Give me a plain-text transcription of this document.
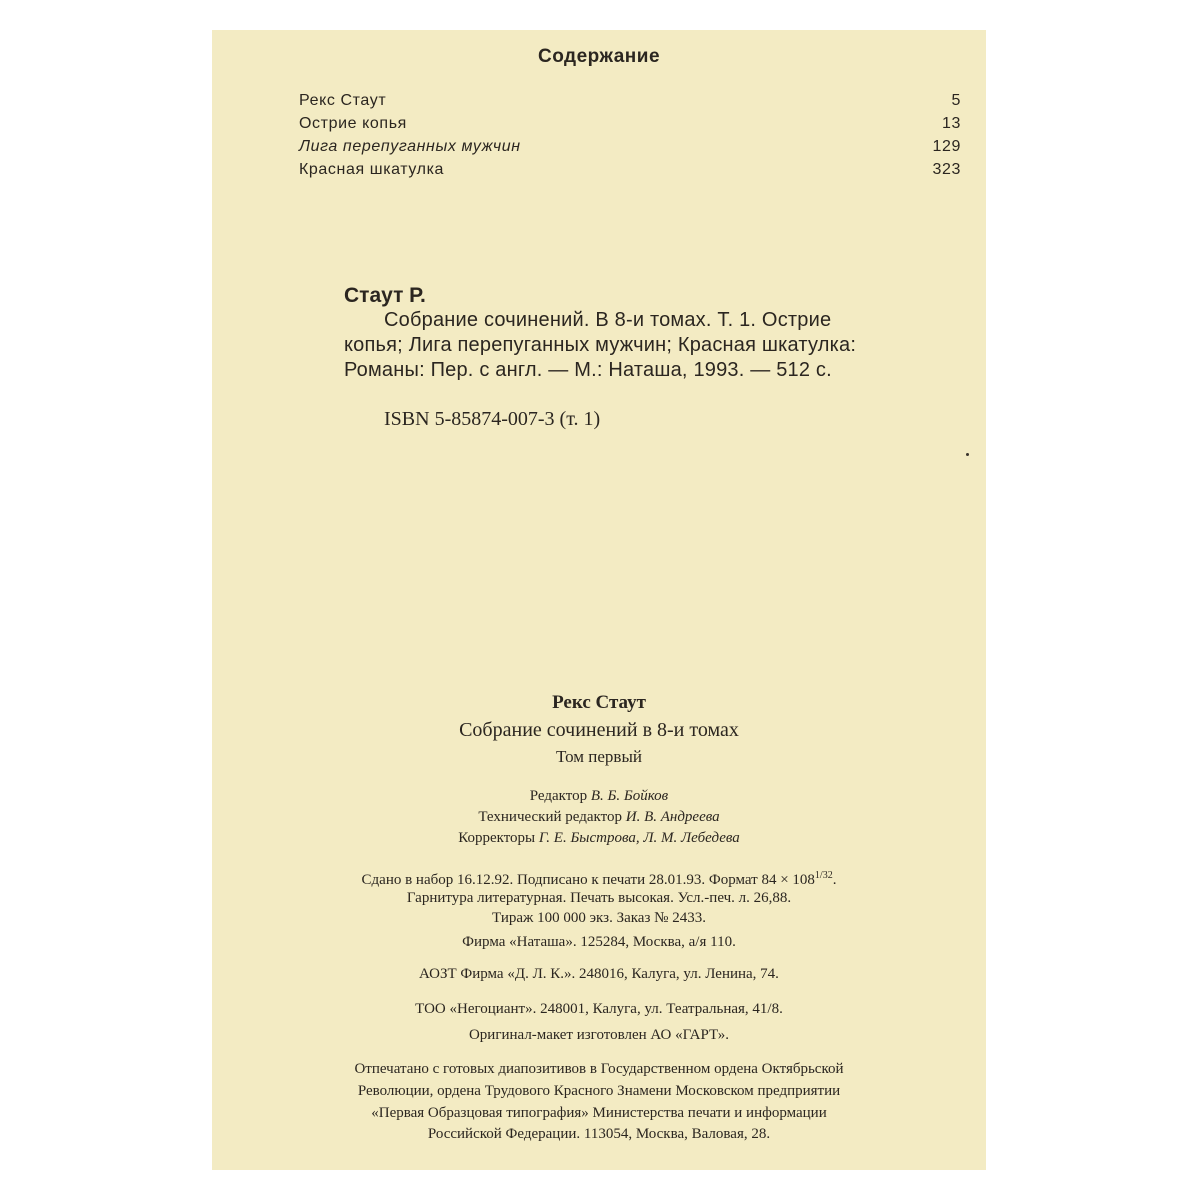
Содержание
Рекс Стаут	5
Острие копья	13
Лига перепуганных мужчин	129
Красная шкатулка	323
Стаут Р.
Собрание сочинений. В 8-и томах. Т. 1. Острие
копья; Лига перепуганных мужчин; Красная шкатулка:
Романы: Пер. с англ. — М.: Наташа, 1993. — 512 с.
ISBN 5-85874-007-3 (т. 1)
Рекс Стаут
Собрание сочинений в 8-и томах
Том первый
Редактор В. Б. Бойков
Технический редактор И. В. Андреева
Корректоры Г. Е. Быстрова, Л. М. Лебедева
Сдано в набор 16.12.92. Подписано к печати 28.01.93. Формат $84 \times 108^{1/32}$.
Гарнитура литературная. Печать высокая. Усл.-печ. л. 26,88.
Тираж 100 000 экз. Заказ № 2433.
Фирма «Наташа». 125284, Москва, а/я 110.
АОЗТ Фирма «Д. Л. К.». 248016, Калуга, ул. Ленина, 74.
ТОО «Негоциант». 248001, Калуга, ул. Театральная, 41/8.
Оригинал-макет изготовлен АО «ГАРТ».
Отпечатано с готовых диапозитивов в Государственном ордена Октябрьской
Революции, ордена Трудового Красного Знамени Московском предприятии
«Первая Образцовая типография» Министерства печати и информации
Российской Федерации. 113054, Москва, Валовая, 28.
